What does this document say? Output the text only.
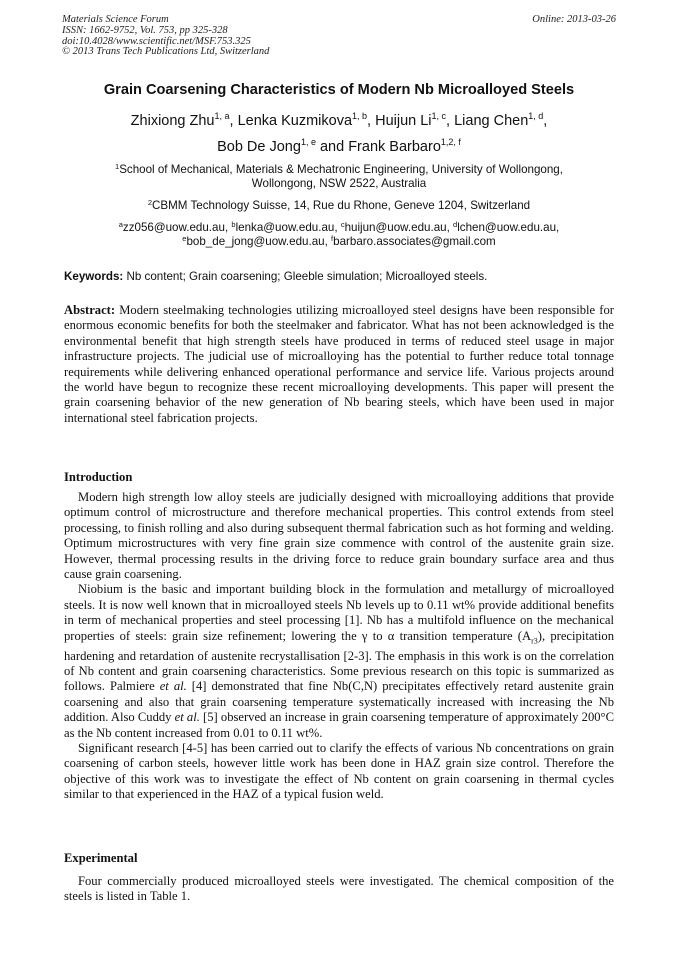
Materials Science Forum
ISSN: 1662-9752, Vol. 753, pp 325-328
doi:10.4028/www.scientific.net/MSF.753.325
© 2013 Trans Tech Publications Ltd, Switzerland
Online: 2013-03-26
Grain Coarsening Characteristics of Modern Nb Microalloyed Steels
Zhixiong Zhu$^{1, a}$, Lenka Kuzmikova$^{1, b}$, Huijun Li$^{1, c}$, Liang Chen$^{1, d}$,
Bob De Jong$^{1, e}$ and Frank Barbaro$^{1,2, f}$
$^1$School of Mechanical, Materials & Mechatronic Engineering, University of Wollongong,
Wollongong, NSW 2522, Australia
$^2$CBMM Technology Suisse, 14, Rue du Rhone, Geneve 1204, Switzerland
$^a$zz056@uow.edu.au, $^b$lenka@uow.edu.au, $^c$huijun@uow.edu.au, $^d$lchen@uow.edu.au,
$^e$bob_de_jong@uow.edu.au, $^f$barbaro.associates@gmail.com
Keywords: Nb content; Grain coarsening; Gleeble simulation; Microalloyed steels.
Abstract: Modern steelmaking technologies utilizing microalloyed steel designs have been responsible for enormous economic benefits for both the steelmaker and fabricator. What has not been acknowledged is the environmental benefit that high strength steels have produced in terms of reduced steel usage in major infrastructure projects. The judicial use of microalloying has the potential to further reduce total tonnage requirements while delivering enhanced operational performance and service life. Various projects around the world have begun to recognize these recent microalloying developments. This paper will present the grain coarsening behavior of the new generation of Nb bearing steels, which have been used in major international steel fabrication projects.
Introduction

Modern high strength low alloy steels are judicially designed with microalloying additions that provide optimum control of microstructure and therefore mechanical properties. This control extends from steel processing, to finish rolling and also during subsequent thermal fabrication such as hot forming and welding. Optimum microstructures with very fine grain size commence with control of the austenite grain size. However, thermal processing results in the driving force to reduce grain boundary surface area and thus cause grain coarsening.

Niobium is the basic and important building block in the formulation and metallurgy of microalloyed steels. It is now well known that in microalloyed steels Nb levels up to 0.11 wt% provide additional benefits in term of mechanical properties and steel processing [1]. Nb has a multifold influence on the mechanical properties of steels: grain size refinement; lowering the γ to α transition temperature $(A_{r3})$, precipitation hardening and retardation of austenite recrystallisation [2-3]. The emphasis in this work is on the correlation of Nb content and grain coarsening characteristics. Some previous research on this topic is summarized as follows. Palmiere et al. [4] demonstrated that fine Nb(C,N) precipitates effectively retard austenite grain coarsening and also that grain coarsening temperature systematically increased with increasing the Nb addition. Also Cuddy et al. [5] observed an increase in grain coarsening temperature of approximately 200°C as the Nb content increased from 0.01 to 0.11 wt%.

Significant research [4-5] has been carried out to clarify the effects of various Nb concentrations on grain coarsening of carbon steels, however little work has been done in HAZ grain size control. Therefore the objective of this work was to investigate the effect of Nb content on grain coarsening in thermal cycles similar to that experienced in the HAZ of a typical fusion weld.

Experimental

Four commercially produced microalloyed steels were investigated. The chemical composition of the steels is listed in Table 1.
